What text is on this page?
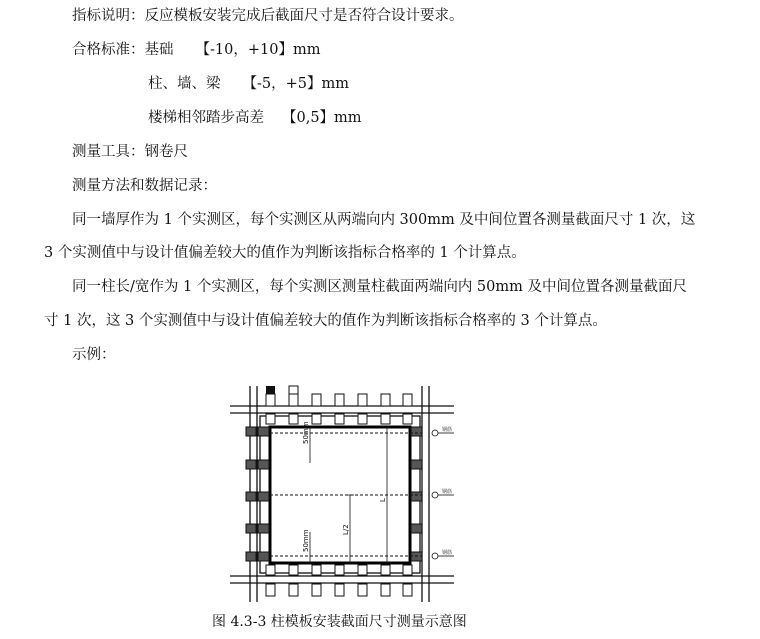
指标说明：反应模板安装完成后截面尺寸是否符合设计要求。
合格标准：基础 【-10，+10】mm
柱、墙、梁 【-5，+5】mm
楼梯相邻踏步高差 【0,5】mm
测量工具：钢卷尺
测量方法和数据记录：
同一墙厚作为 1 个实测区，每个实测区从两端向内 300mm 及中间位置各测量截面尺寸 1 次，这
3 个实测值中与设计值偏差较大的值作为判断该指标合格率的 1 个计算点。
同一柱长/宽作为 1 个实测区，每个实测区测量柱截面两端向内 50mm 及中间位置各测量截面尺
寸 1 次，这 3 个实测值中与设计值偏差较大的值作为判断该指标合格率的 3 个计算点。
示例：
50mm
50mm	L/2
L
钢筋
钢筋
钢筋
图 4.3-3 柱模板安装截面尺寸测量示意图
